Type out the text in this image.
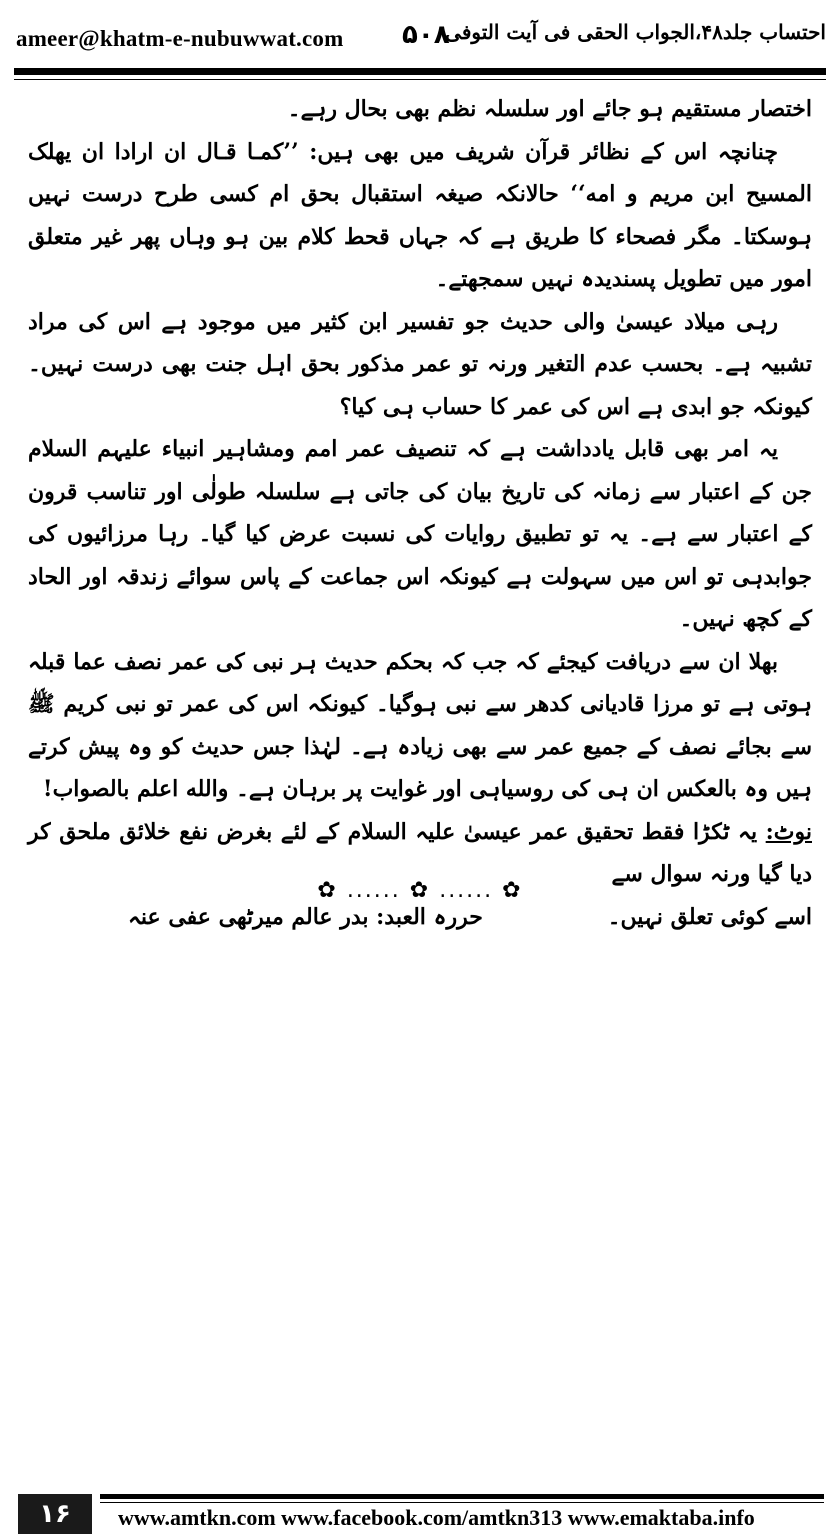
ameer@khatm-e-nubuwwat.com ۵۰۸
احتساب جلد۴۸،الجواب الحقی فی آیت التوفی

اختصار مستقیم ہو جائے اور سلسلہ نظم بھی بحال رہے۔

چنانچہ اس کے نظائر قرآن شریف میں بھی ہیں: ’’کمـا قـال ان ارادا ان یهلک المسیح ابن مریم و امه‘‘ حالانکہ صیغہ استقبال بحق ام کسی طرح درست نہیں ہوسکتا۔ مگر فصحاء کا طریق ہے کہ جہاں قحط کلام بین ہو وہاں پھر غیر متعلق امور میں تطویل پسندیدہ نہیں سمجھتے۔

رہی میلاد عیسیٰ والی حدیث جو تفسیر ابن کثیر میں موجود ہے اس کی مراد تشبیہ ہے۔ بحسب عدم التغیر ورنہ تو عمر مذکور بحق اہل جنت بھی درست نہیں۔ کیونکہ جو ابدی ہے اس کی عمر کا حساب ہی کیا؟

یہ امر بھی قابل یادداشت ہے کہ تنصیف عمر امم ومشاہیر انبیاء علیہم السلام جن کے اعتبار سے زمانہ کی تاریخ بیان کی جاتی ہے سلسلہ طولٰی اور تناسب قرون کے اعتبار سے ہے۔ یہ تو تطبیق روایات کی نسبت عرض کیا گیا۔ رہا مرزائیوں کی جوابدہی تو اس میں سہولت ہے کیونکہ اس جماعت کے پاس سوائے زندقہ اور الحاد کے کچھ نہیں۔

بھلا ان سے دریافت کیجئے کہ جب کہ بحکم حدیث ہر نبی کی عمر نصف عما قبلہ ہوتی ہے تو مرزا قادیانی کدھر سے نبی ہوگیا۔ کیونکہ اس کی عمر تو نبی کریم ﷺ سے بجائے نصف کے جمیع عمر سے بھی زیادہ ہے۔ لہٰذا جس حدیث کو وہ پیش کرتے ہیں وہ بالعکس ان ہی کی روسیاہی اور غوایت پر برہان ہے۔ والله اعلم بالصواب!

نوٹ: یہ ٹکڑا فقط تحقیق عمر عیسیٰ علیہ السلام کے لئے بغرض نفع خلائق ملحق کر دیا گیا ورنہ سوال سے

اسے کوئی تعلق نہیں۔
حررہ العبد: بدر عالم میرٹھی عفی عنہ
✿ ...... ✿ ...... ✿
۱۶	www.amtkn.com www.facebook.com/amtkn313 www.emaktaba.info
